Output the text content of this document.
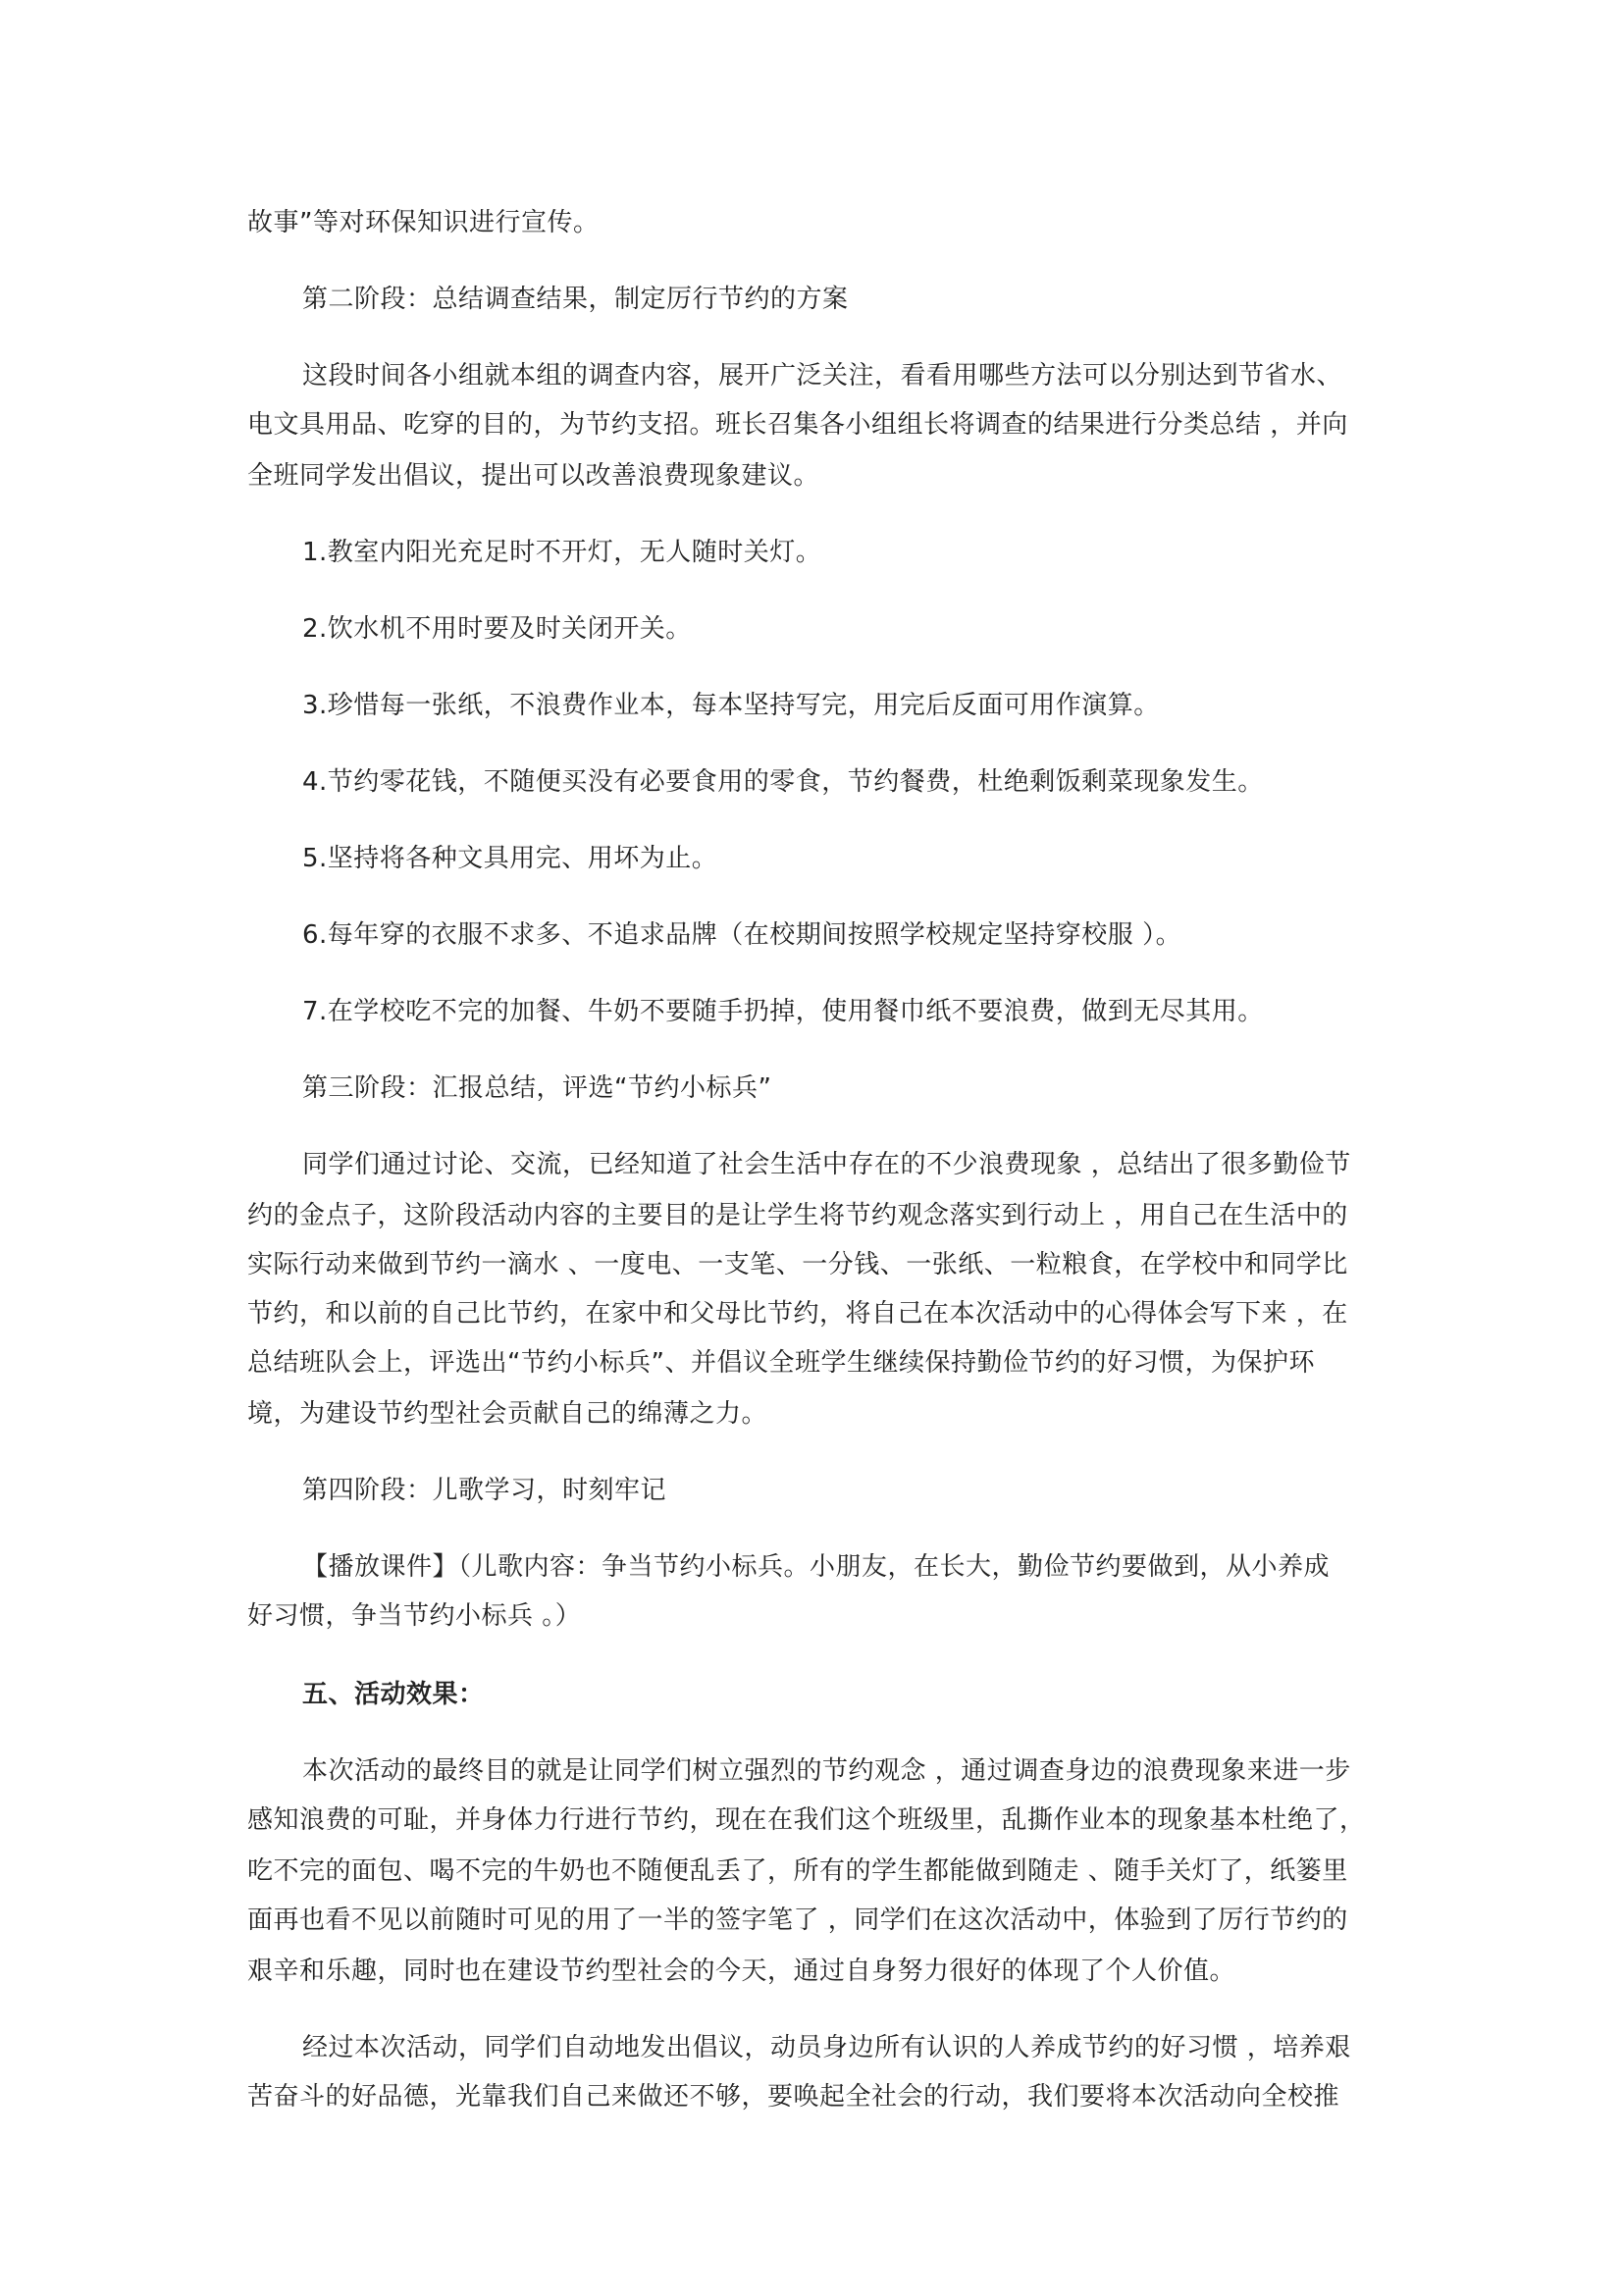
故事”等对环保知识进行宣传。
第二阶段：总结调查结果，制定厉行节约的方案
这段时间各小组就本组的调查内容，展开广泛关注，看看用哪些方法可以分别达到节省水、
电文具用品、吃穿的目的，为节约支招。班长召集各小组组长将调查的结果进行分类总结 ，并向
全班同学发出倡议，提出可以改善浪费现象建议。
1.教室内阳光充足时不开灯，无人随时关灯。
2.饮水机不用时要及时关闭开关。
3.珍惜每一张纸，不浪费作业本，每本坚持写完，用完后反面可用作演算。
4.节约零花钱，不随便买没有必要食用的零食，节约餐费，杜绝剩饭剩菜现象发生。
5.坚持将各种文具用完、用坏为止。
6.每年穿的衣服不求多、不追求品牌（在校期间按照学校规定坚持穿校服 ）。
7.在学校吃不完的加餐、牛奶不要随手扔掉，使用餐巾纸不要浪费，做到无尽其用。
第三阶段：汇报总结，评选“节约小标兵”
同学们通过讨论、交流，已经知道了社会生活中存在的不少浪费现象 ，总结出了很多勤俭节
约的金点子，这阶段活动内容的主要目的是让学生将节约观念落实到行动上 ，用自己在生活中的
实际行动来做到节约一滴水 、一度电、一支笔、一分钱、一张纸、一粒粮食，在学校中和同学比
节约，和以前的自己比节约，在家中和父母比节约，将自己在本次活动中的心得体会写下来 ，在
总结班队会上，评选出“节约小标兵”、并倡议全班学生继续保持勤俭节约的好习惯，为保护环
境，为建设节约型社会贡献自己的绵薄之力。
第四阶段：儿歌学习，时刻牢记
【播放课件】（儿歌内容：争当节约小标兵。小朋友，在长大，勤俭节约要做到，从小养成
好习惯，争当节约小标兵 。）
五、活动效果：
本次活动的最终目的就是让同学们树立强烈的节约观念 ，通过调查身边的浪费现象来进一步
感知浪费的可耻，并身体力行进行节约，现在在我们这个班级里，乱撕作业本的现象基本杜绝了，
吃不完的面包、喝不完的牛奶也不随便乱丢了，所有的学生都能做到随走 、随手关灯了，纸篓里
面再也看不见以前随时可见的用了一半的签字笔了 ，同学们在这次活动中，体验到了厉行节约的
艰辛和乐趣，同时也在建设节约型社会的今天，通过自身努力很好的体现了个人价值。
经过本次活动，同学们自动地发出倡议，动员身边所有认识的人养成节约的好习惯 ，培养艰
苦奋斗的好品德，光靠我们自己来做还不够，要唤起全社会的行动，我们要将本次活动向全校推
